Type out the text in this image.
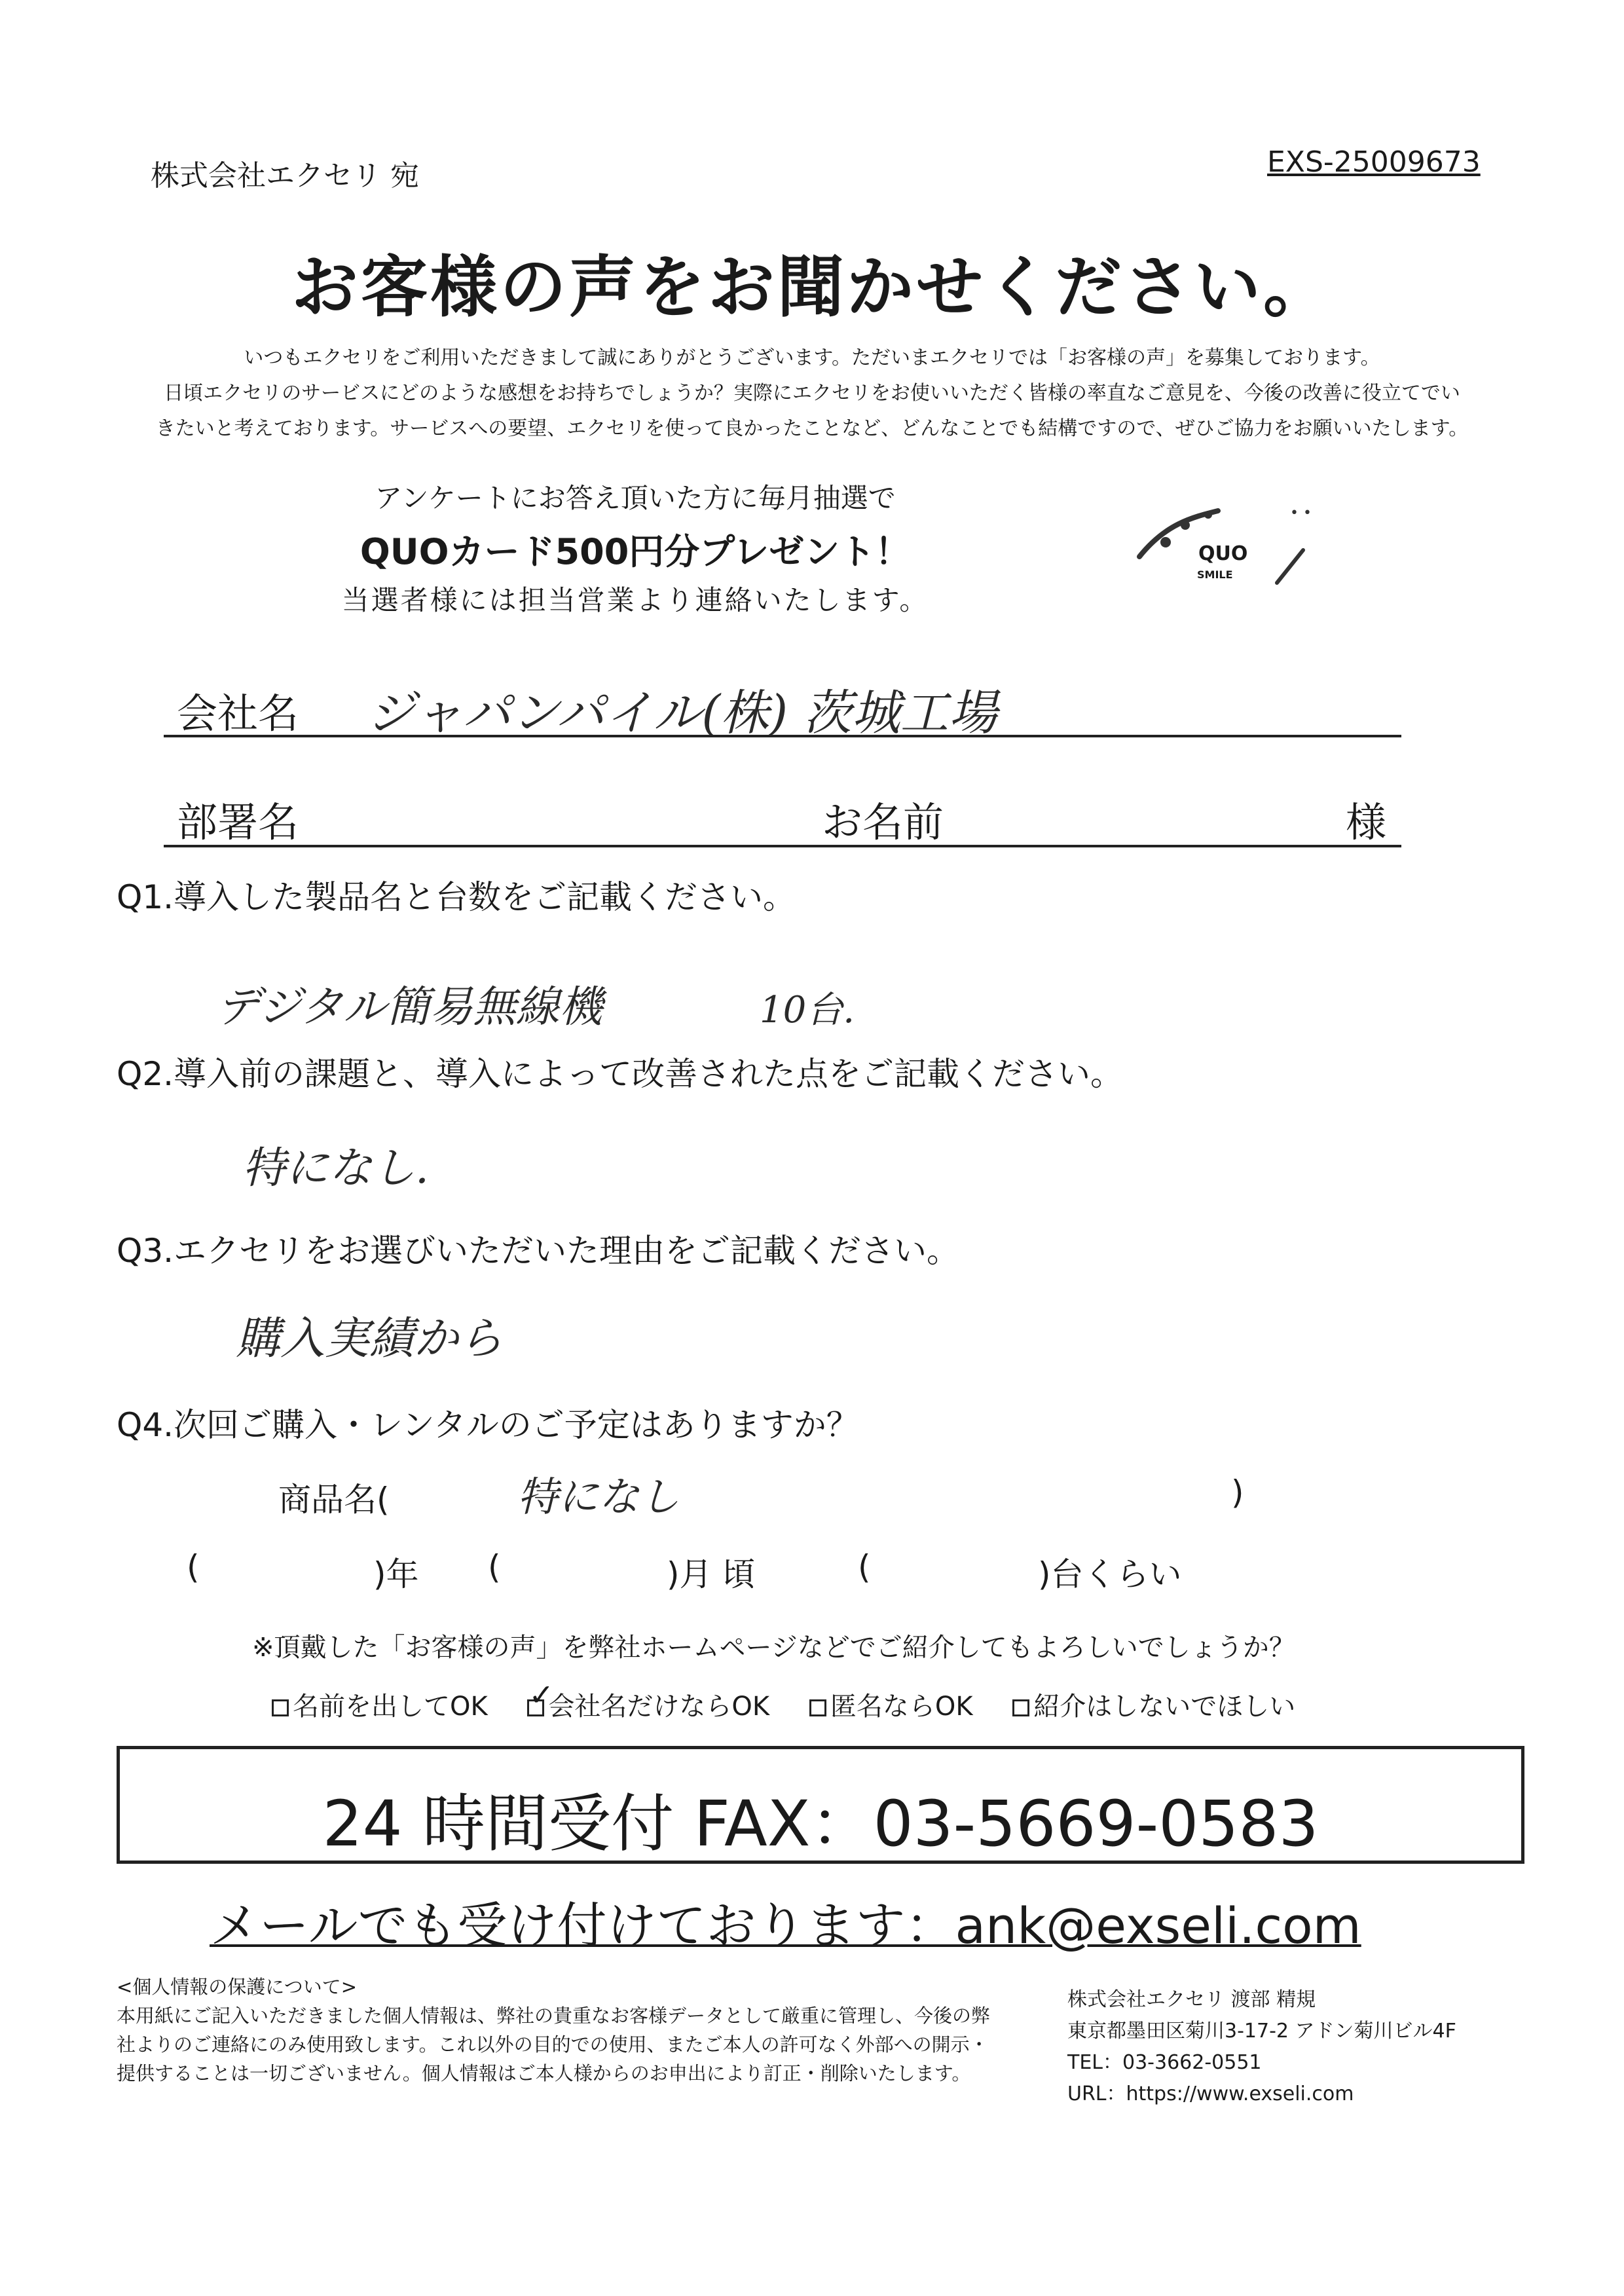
株式会社エクセリ 宛	EXS-25009673
お客様の声をお聞かせください。
いつもエクセリをご利用いただきまして誠にありがとうございます。ただいまエクセリでは「お客様の声」を募集しております。
日頃エクセリのサービスにどのような感想をお持ちでしょうか？実際にエクセリをお使いいただく皆様の率直なご意見を、今後の改善に役立てでい
きたいと考えております。サービスへの要望、エクセリを使って良かったことなど、どんなことでも結構ですので、ぜひご協力をお願いいたします。
アンケートにお答え頂いた方に毎月抽選で
QUOカード500円分プレゼント！
当選者様には担当営業より連絡いたします。
• •
QUO
SMILE
会社名 ジャパンパイル(株) 茨城工場
部署名	お名前	様
Q1.導入した製品名と台数をご記載ください。
デジタル簡易無線機	10台.
Q2.導入前の課題と、導入によって改善された点をご記載ください。
特になし.
Q3.エクセリをお選びいただいた理由をご記載ください。
購入実績から
Q4.次回ご購入・レンタルのご予定はありますか？
商品名(	特になし	)
(	)年 (	)月 頃	(	)台くらい
※頂戴した「お客様の声」を弊社ホームページなどでご紹介してもよろしいでしょうか？
名前を出してOK ✓
会社名だけならOK 匿名ならOK 紹介はしないでほしい
24 時間受付 FAX：03-5669-0583
メールでも受け付けております：ank@exseli.com
<個人情報の保護について>
本用紙にご記入いただきました個人情報は、弊社の貴重なお客様データとして厳重に管理し、今後の弊
社よりのご連絡にのみ使用致します。これ以外の目的での使用、またご本人の許可なく外部への開示・
提供することは一切ございません。個人情報はご本人様からのお申出により訂正・削除いたします。
株式会社エクセリ 渡部 精規
東京都墨田区菊川3-17-2 アドン菊川ビル4F
TEL：03-3662-0551
URL：https://www.exseli.com
